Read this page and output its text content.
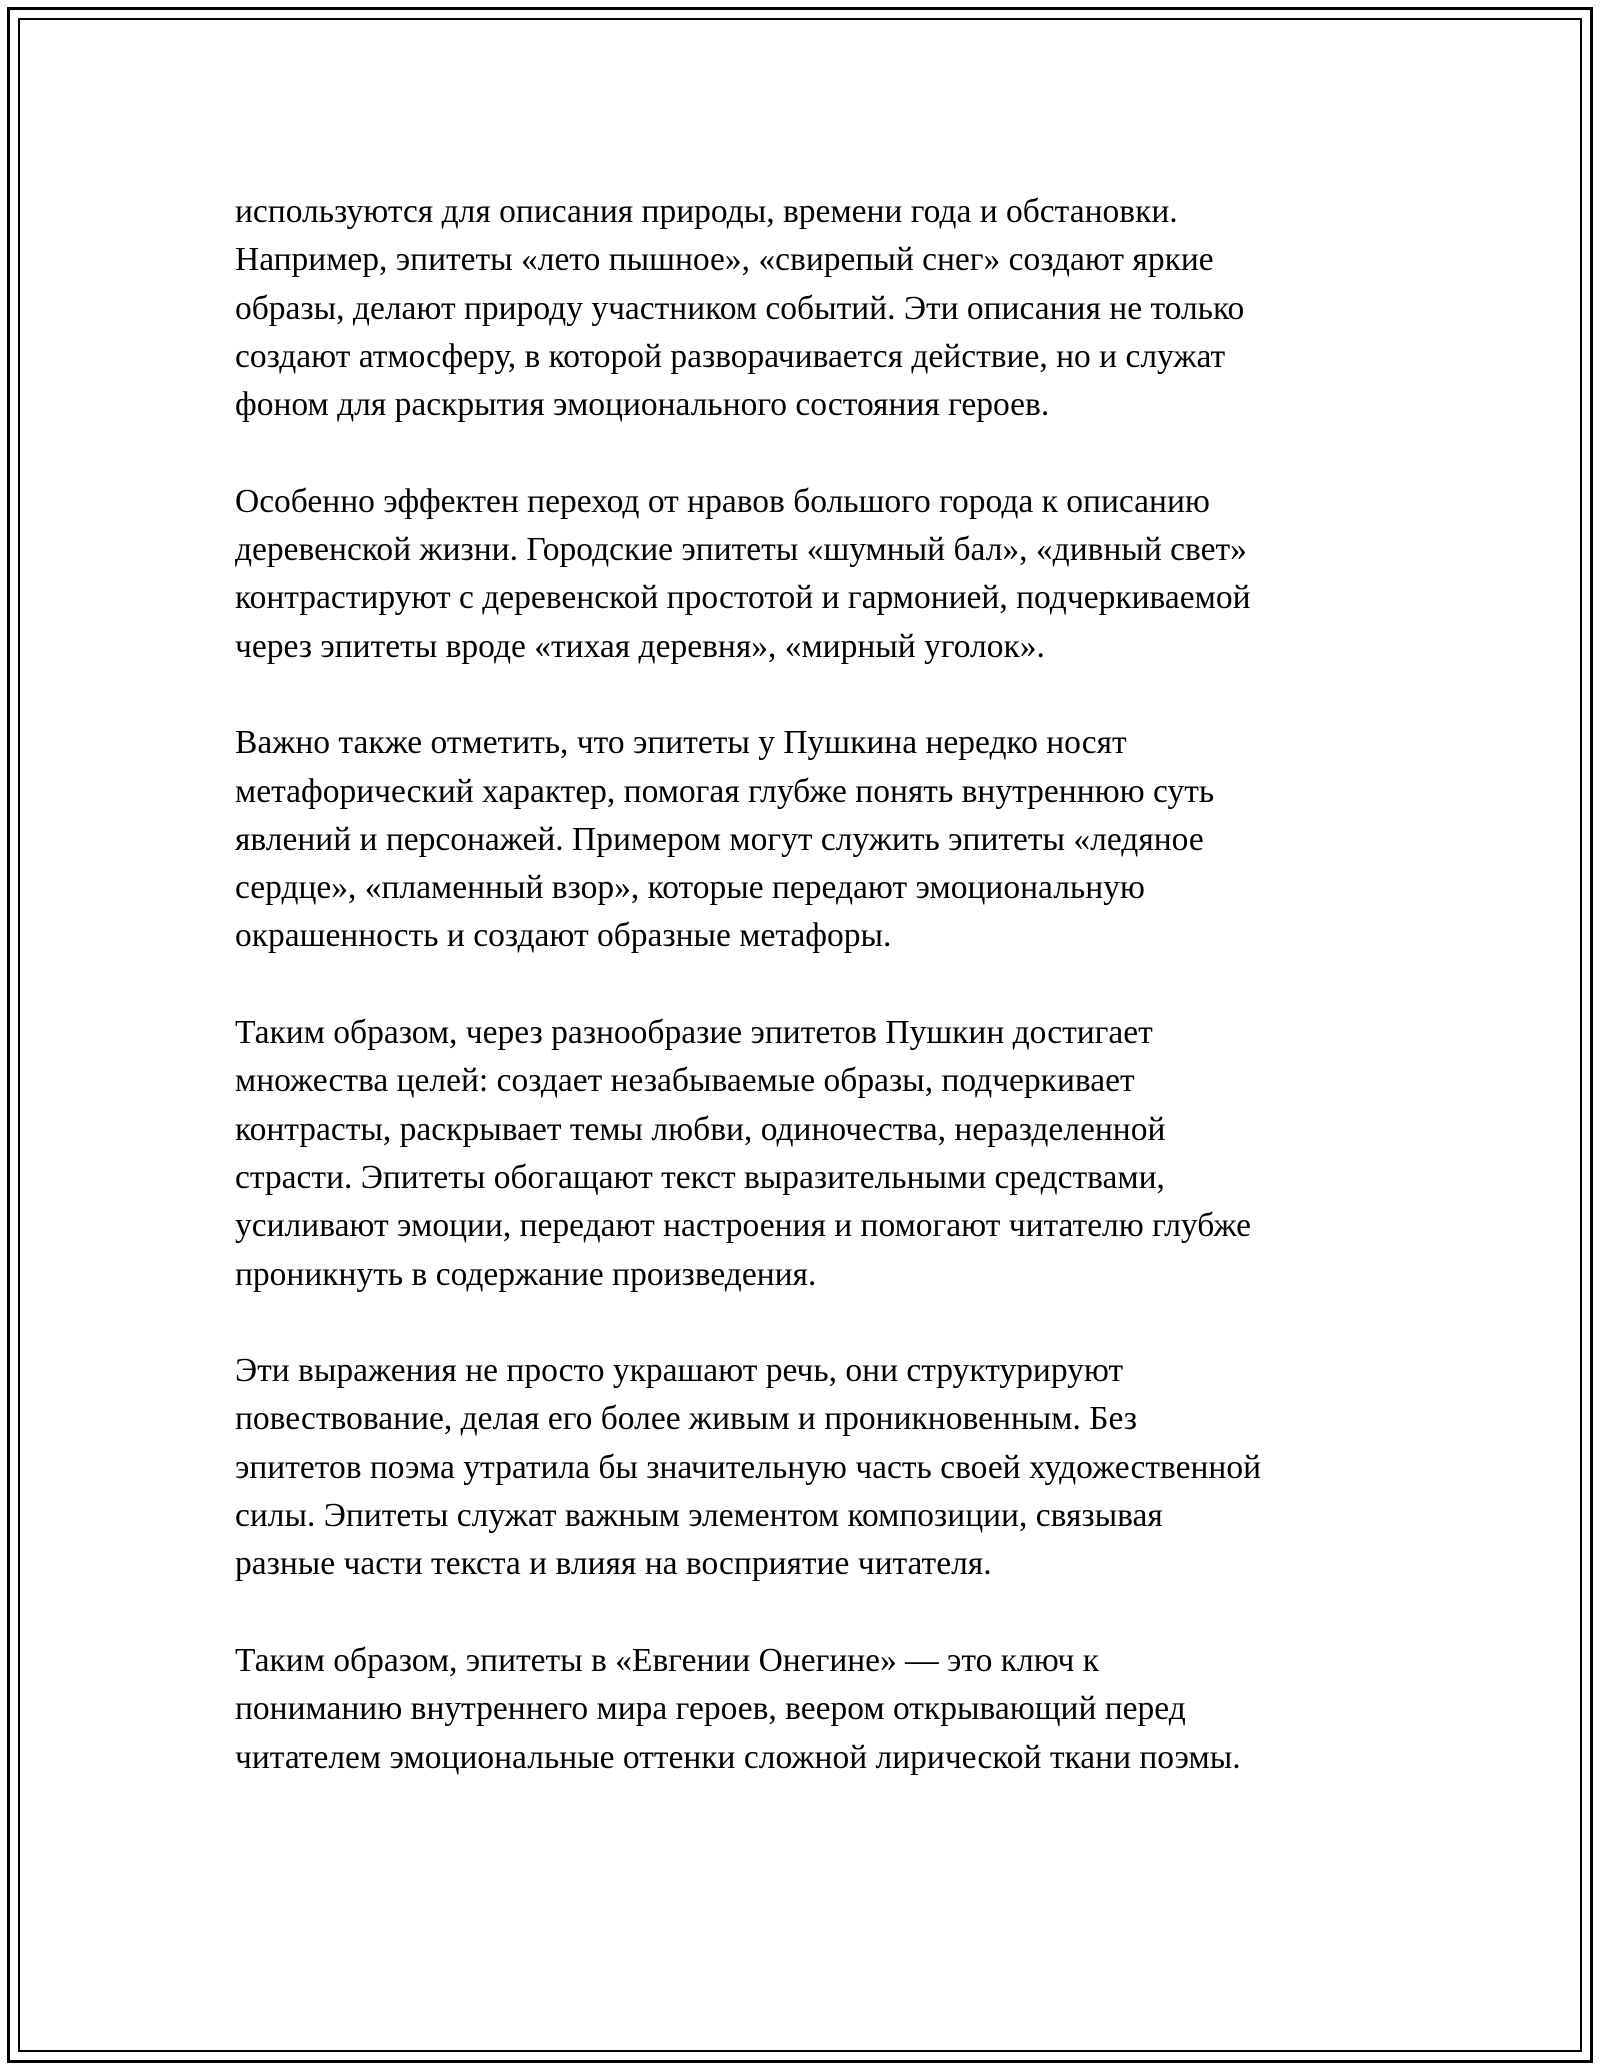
используются для описания природы, времени года и обстановки.
Например, эпитеты «лето пышное», «свирепый снег» создают яркие
образы, делают природу участником событий. Эти описания не только
создают атмосферу, в которой разворачивается действие, но и служат
фоном для раскрытия эмоционального состояния героев.

Особенно эффектен переход от нравов большого города к описанию
деревенской жизни. Городские эпитеты «шумный бал», «дивный свет»
контрастируют с деревенской простотой и гармонией, подчеркиваемой
через эпитеты вроде «тихая деревня», «мирный уголок».

Важно также отметить, что эпитеты у Пушкина нередко носят
метафорический характер, помогая глубже понять внутреннюю суть
явлений и персонажей. Примером могут служить эпитеты «ледяное
сердце», «пламенный взор», которые передают эмоциональную
окрашенность и создают образные метафоры.

Таким образом, через разнообразие эпитетов Пушкин достигает
множества целей: создает незабываемые образы, подчеркивает
контрасты, раскрывает темы любви, одиночества, неразделенной
страсти. Эпитеты обогащают текст выразительными средствами,
усиливают эмоции, передают настроения и помогают читателю глубже
проникнуть в содержание произведения.

Эти выражения не просто украшают речь, они структурируют
повествование, делая его более живым и проникновенным. Без
эпитетов поэма утратила бы значительную часть своей художественной
силы. Эпитеты служат важным элементом композиции, связывая
разные части текста и влияя на восприятие читателя.

Таким образом, эпитеты в «Евгении Онегине» — это ключ к
пониманию внутреннего мира героев, веером открывающий перед
читателем эмоциональные оттенки сложной лирической ткани поэмы.
